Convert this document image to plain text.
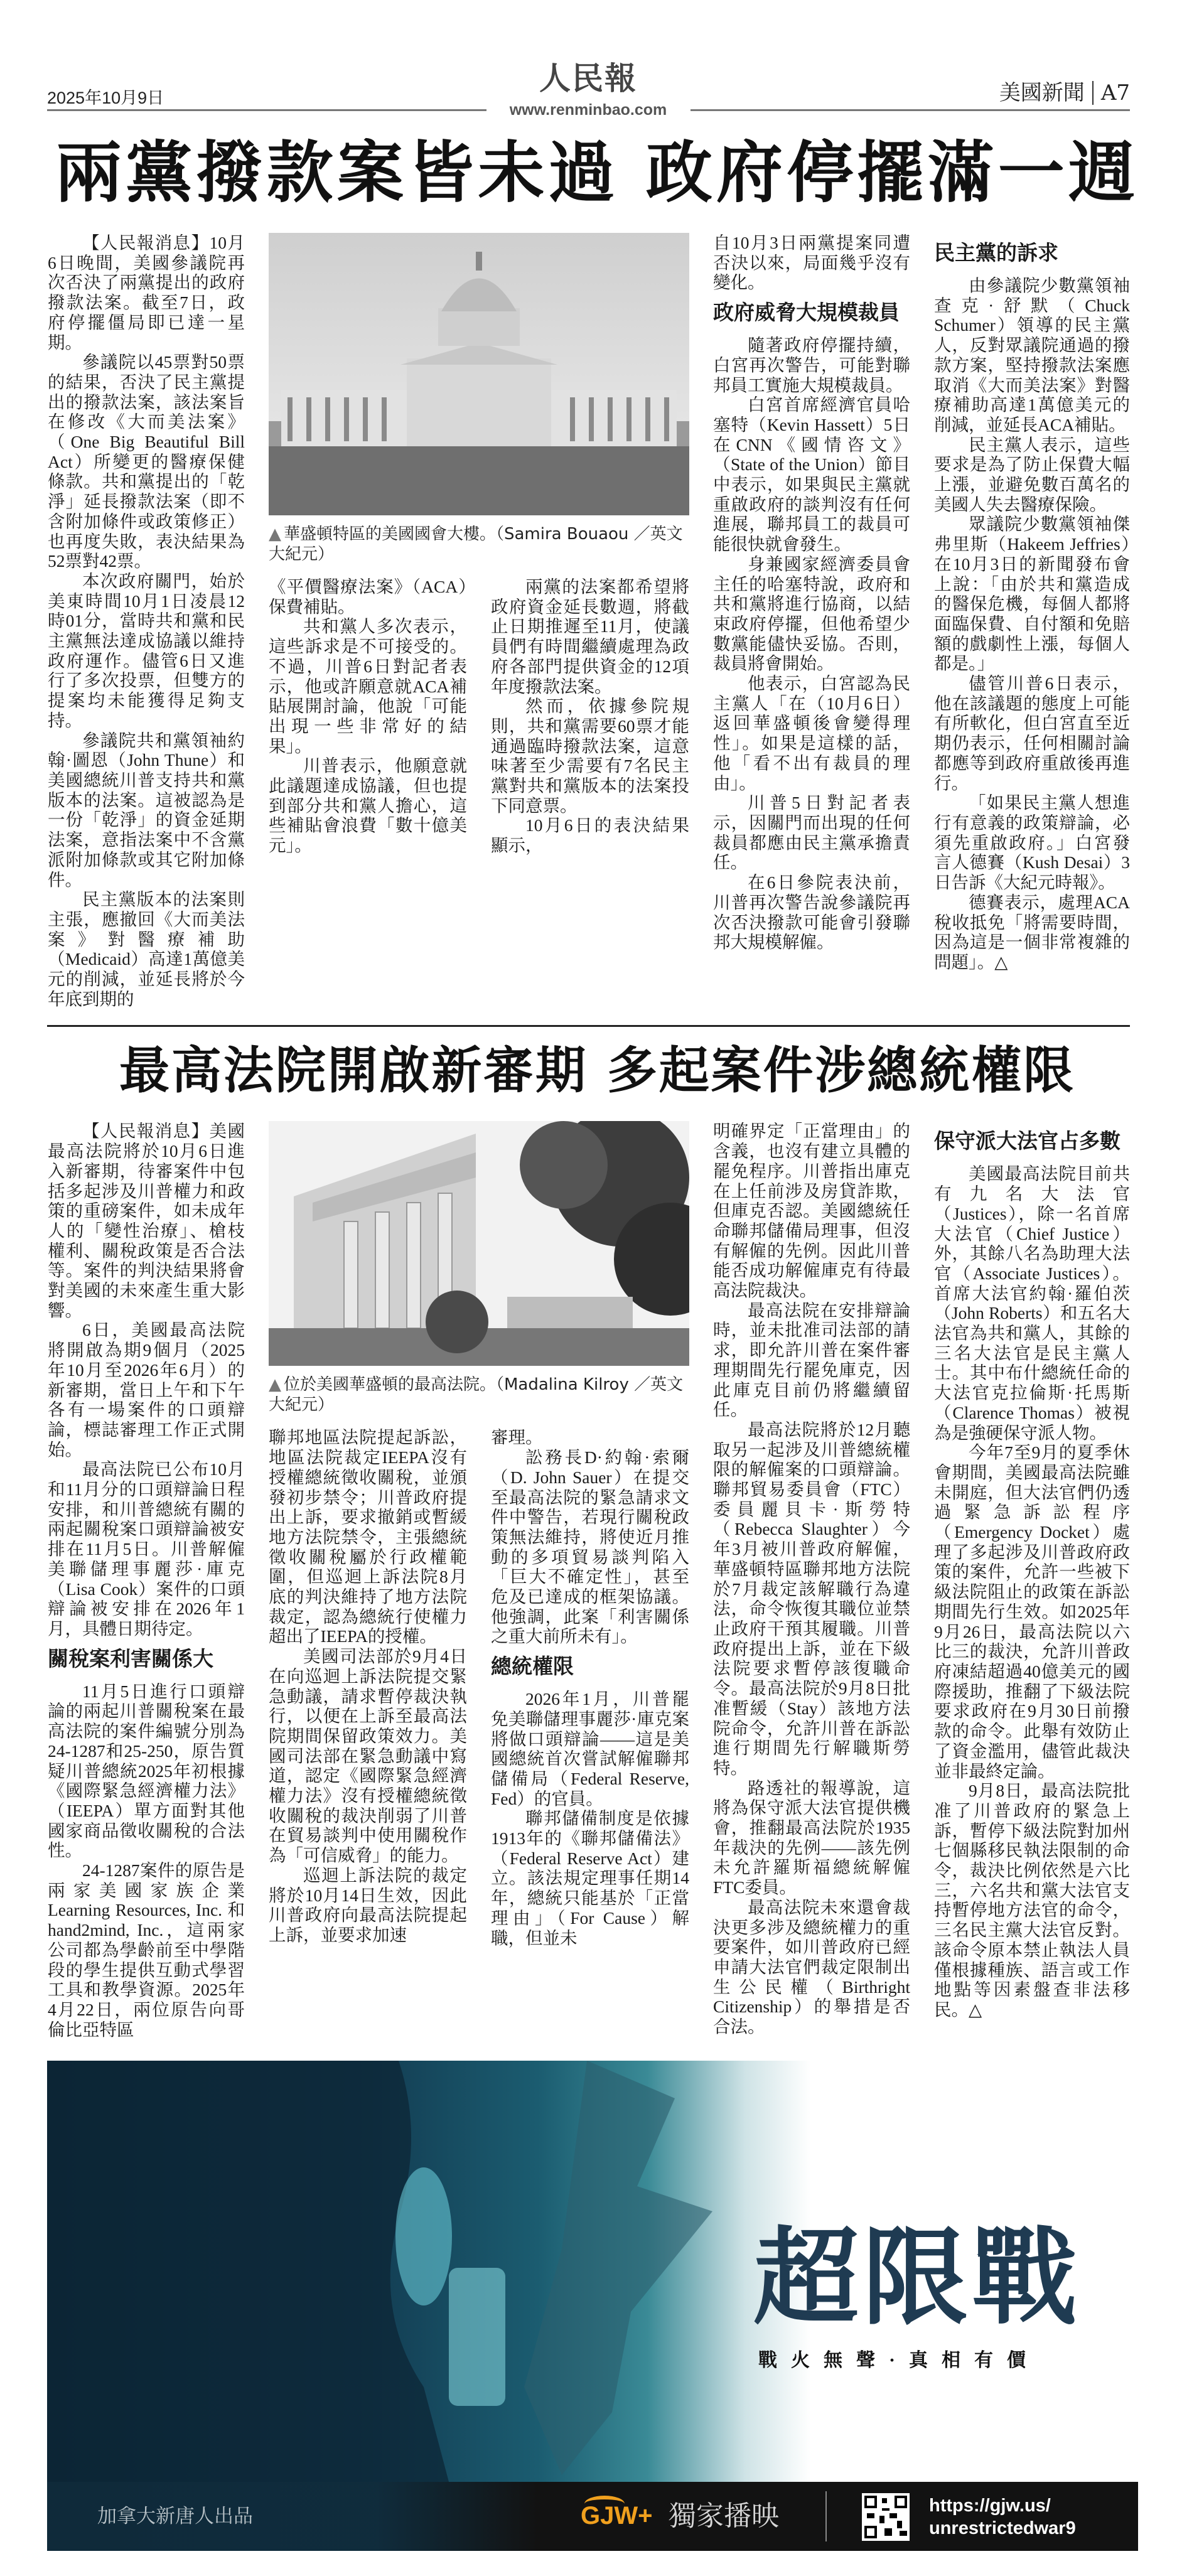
2025年10月9日
人民報
www.renminbao.com
美國新聞 A7
兩黨撥款案皆未過 政府停擺滿一週

【人民報消息】10月6日晚間，美國參議院再次否決了兩黨提出的政府撥款法案。截至7日，政府停擺僵局即已達一星期。

參議院以45票對50票的結果，否決了民主黨提出的撥款法案，該法案旨在修改《大而美法案》（One Big Beautiful Bill Act）所變更的醫療保健條款。共和黨提出的「乾淨」延長撥款法案（即不含附加條件或政策修正）也再度失敗，表決結果為52票對42票。

本次政府關門，始於美東時間10月1日凌晨12時01分，當時共和黨和民主黨無法達成協議以維持政府運作。儘管6日又進行了多次投票，但雙方的提案均未能獲得足夠支持。

參議院共和黨領袖約翰·圖恩（John Thune）和美國總統川普支持共和黨版本的法案。這被認為是一份「乾淨」的資金延期法案，意指法案中不含黨派附加條款或其它附加條件。

民主黨版本的法案則主張，應撤回《大而美法案》對醫療補助（Medicaid）高達1萬億美元的削減，並延長將於今年底到期的

▲ 華盛頓特區的美國國會大樓。（Samira Bouaou ／英文大紀元）

《平價醫療法案》（ACA）保費補貼。

共和黨人多次表示，這些訴求是不可接受的。不過，川普6日對記者表示，他或許願意就ACA補貼展開討論，他說「可能出現一些非常好的結果」。

川普表示，他願意就此議題達成協議，但也提到部分共和黨人擔心，這些補貼會浪費「數十億美元」。

兩黨的法案都希望將政府資金延長數週，將截止日期推遲至11月，使議員們有時間繼續處理為政府各部門提供資金的12項年度撥款法案。

然而，依據參院規則，共和黨需要60票才能通過臨時撥款法案，這意味著至少需要有7名民主黨對共和黨版本的法案投下同意票。

10月6日的表決結果顯示，

自10月3日兩黨提案同遭否決以來，局面幾乎沒有變化。

政府威脅大規模裁員

隨著政府停擺持續，白宮再次警告，可能對聯邦員工實施大規模裁員。

白宮首席經濟官員哈塞特（Kevin Hassett）5日在CNN《國情咨文》（State of the Union）節目中表示，如果與民主黨就重啟政府的談判沒有任何進展，聯邦員工的裁員可能很快就會發生。

身兼國家經濟委員會主任的哈塞特說，政府和共和黨將進行協商，以結束政府停擺，但他希望少數黨能儘快妥協。否則，裁員將會開始。

他表示，白宮認為民主黨人「在（10月6日）返回華盛頓後會變得理性」。如果是這樣的話，他「看不出有裁員的理由」。

川普5日對記者表示，因關門而出現的任何裁員都應由民主黨承擔責任。

在6日參院表決前，川普再次警告說參議院再次否決撥款可能會引發聯邦大規模解僱。

民主黨的訴求

由參議院少數黨領袖查克·舒默（Chuck Schumer）領導的民主黨人，反對眾議院通過的撥款方案，堅持撥款法案應取消《大而美法案》對醫療補助高達1萬億美元的削減，並延長ACA補貼。

民主黨人表示，這些要求是為了防止保費大幅上漲，並避免數百萬名的美國人失去醫療保險。

眾議院少數黨領袖傑弗里斯（Hakeem Jeffries）在10月3日的新聞發布會上說：「由於共和黨造成的醫保危機，每個人都將面臨保費、自付額和免賠額的戲劇性上漲，每個人都是。」

儘管川普6日表示，他在該議題的態度上可能有所軟化，但白宮直至近期仍表示，任何相關討論都應等到政府重啟後再進行。

「如果民主黨人想進行有意義的政策辯論，必須先重啟政府。」白宮發言人德賽（Kush Desai）3日告訴《大紀元時報》。

德賽表示，處理ACA稅收抵免「將需要時間，因為這是一個非常複雜的問題」。△

最高法院開啟新審期 多起案件涉總統權限

【人民報消息】美國最高法院將於10月6日進入新審期，待審案件中包括多起涉及川普權力和政策的重磅案件，如未成年人的「變性治療」、槍枝權利、關稅政策是否合法等。案件的判決結果將會對美國的未來產生重大影響。

6日，美國最高法院將開啟為期9個月（2025年10月至2026年6月）的新審期，當日上午和下午各有一場案件的口頭辯論，標誌審理工作正式開始。

最高法院已公布10月和11月分的口頭辯論日程安排，和川普總統有關的兩起關稅案口頭辯論被安排在11月5日。川普解僱美聯儲理事麗莎·庫克（Lisa Cook）案件的口頭辯論被安排在2026年1月，具體日期待定。

關稅案利害關係大

11月5日進行口頭辯論的兩起川普關稅案在最高法院的案件編號分別為24-1287和25-250，原告質疑川普總統2025年初根據《國際緊急經濟權力法》（IEEPA）單方面對其他國家商品徵收關稅的合法性。

24-1287案件的原告是兩家美國家族企業Learning Resources, Inc. 和 hand2mind, Inc.，這兩家公司都為學齡前至中學階段的學生提供互動式學習工具和教學資源。2025年4月22日，兩位原告向哥倫比亞特區

▲ 位於美國華盛頓的最高法院。（Madalina Kilroy ／英文大紀元）

聯邦地區法院提起訴訟，地區法院裁定IEEPA沒有授權總統徵收關稅，並頒發初步禁令；川普政府提出上訴，要求撤銷或暫緩地方法院禁令，主張總統徵收關稅屬於行政權範圍，但巡迴上訴法院8月底的判決維持了地方法院裁定，認為總統行使權力超出了IEEPA的授權。

美國司法部於9月4日在向巡迴上訴法院提交緊急動議，請求暫停裁決執行，以便在上訴至最高法院期間保留政策效力。美國司法部在緊急動議中寫道，認定《國際緊急經濟權力法》沒有授權總統徵收關稅的裁決削弱了川普在貿易談判中使用關稅作為「可信威脅」的能力。

巡迴上訴法院的裁定將於10月14日生效，因此川普政府向最高法院提起上訴，並要求加速

審理。

訟務長D·約翰·索爾（D. John Sauer）在提交至最高法院的緊急請求文件中警告，若現行關稅政策無法維持，將使近月推動的多項貿易談判陷入「巨大不確定性」，甚至危及已達成的框架協議。他強調，此案「利害關係之重大前所未有」。

總統權限

2026年1月，川普罷免美聯儲理事麗莎·庫克案將做口頭辯論——這是美國總統首次嘗試解僱聯邦儲備局（Federal Reserve, Fed）的官員。

聯邦儲備制度是依據1913年的《聯邦儲備法》（Federal Reserve Act）建立。該法規定理事任期14年，總統只能基於「正當理由」（For Cause）解職，但並未

明確界定「正當理由」的含義，也沒有建立具體的罷免程序。川普指出庫克在上任前涉及房貸詐欺，但庫克否認。美國總統任命聯邦儲備局理事，但沒有解僱的先例。因此川普能否成功解僱庫克有待最高法院裁決。

最高法院在安排辯論時，並未批准司法部的請求，即允許川普在案件審理期間先行罷免庫克，因此庫克目前仍將繼續留任。

最高法院將於12月聽取另一起涉及川普總統權限的解僱案的口頭辯論。聯邦貿易委員會（FTC）委員麗貝卡·斯勞特（Rebecca Slaughter）今年3月被川普政府解僱，華盛頓特區聯邦地方法院於7月裁定該解職行為違法，命令恢復其職位並禁止政府干預其履職。川普政府提出上訴，並在下級法院要求暫停該復職命令。最高法院於9月8日批准暫緩（Stay）該地方法院命令，允許川普在訴訟進行期間先行解職斯勞特。

路透社的報導說，這將為保守派大法官提供機會，推翻最高法院於1935年裁決的先例——該先例未允許羅斯福總統解僱FTC委員。

最高法院未來還會裁決更多涉及總統權力的重要案件，如川普政府已經申請大法官們裁定限制出生公民權（Birthright Citizenship）的舉措是否合法。

保守派大法官占多數

美國最高法院目前共有九名大法官（Justices），除一名首席大法官（Chief Justice）外，其餘八名為助理大法官（Associate Justices）。首席大法官約翰·羅伯茨（John Roberts）和五名大法官為共和黨人，其餘的三名大法官是民主黨人士。其中布什總統任命的大法官克拉倫斯·托馬斯（Clarence Thomas）被視為是強硬保守派人物。

今年7至9月的夏季休會期間，美國最高法院雖未開庭，但大法官們仍透過緊急訴訟程序（Emergency Docket）處理了多起涉及川普政府政策的案件，允許一些被下級法院阻止的政策在訴訟期間先行生效。如2025年9月26日，最高法院以六比三的裁決，允許川普政府凍結超過40億美元的國際援助，推翻了下級法院要求政府在9月30日前撥款的命令。此舉有效防止了資金濫用，儘管此裁決並非最終定論。

9月8日，最高法院批准了川普政府的緊急上訴，暫停下級法院對加州七個縣移民執法限制的命令，裁決比例依然是六比三，六名共和黨大法官支持暫停地方法官的命令，三名民主黨大法官反對。該命令原本禁止執法人員僅根據種族、語言或工作地點等因素盤查非法移民。△

超限戰
戰火無聲·真相有價
加拿大新唐人出品	GJW+ 獨家播映	https://gjw.us/
unrestrictedwar9
